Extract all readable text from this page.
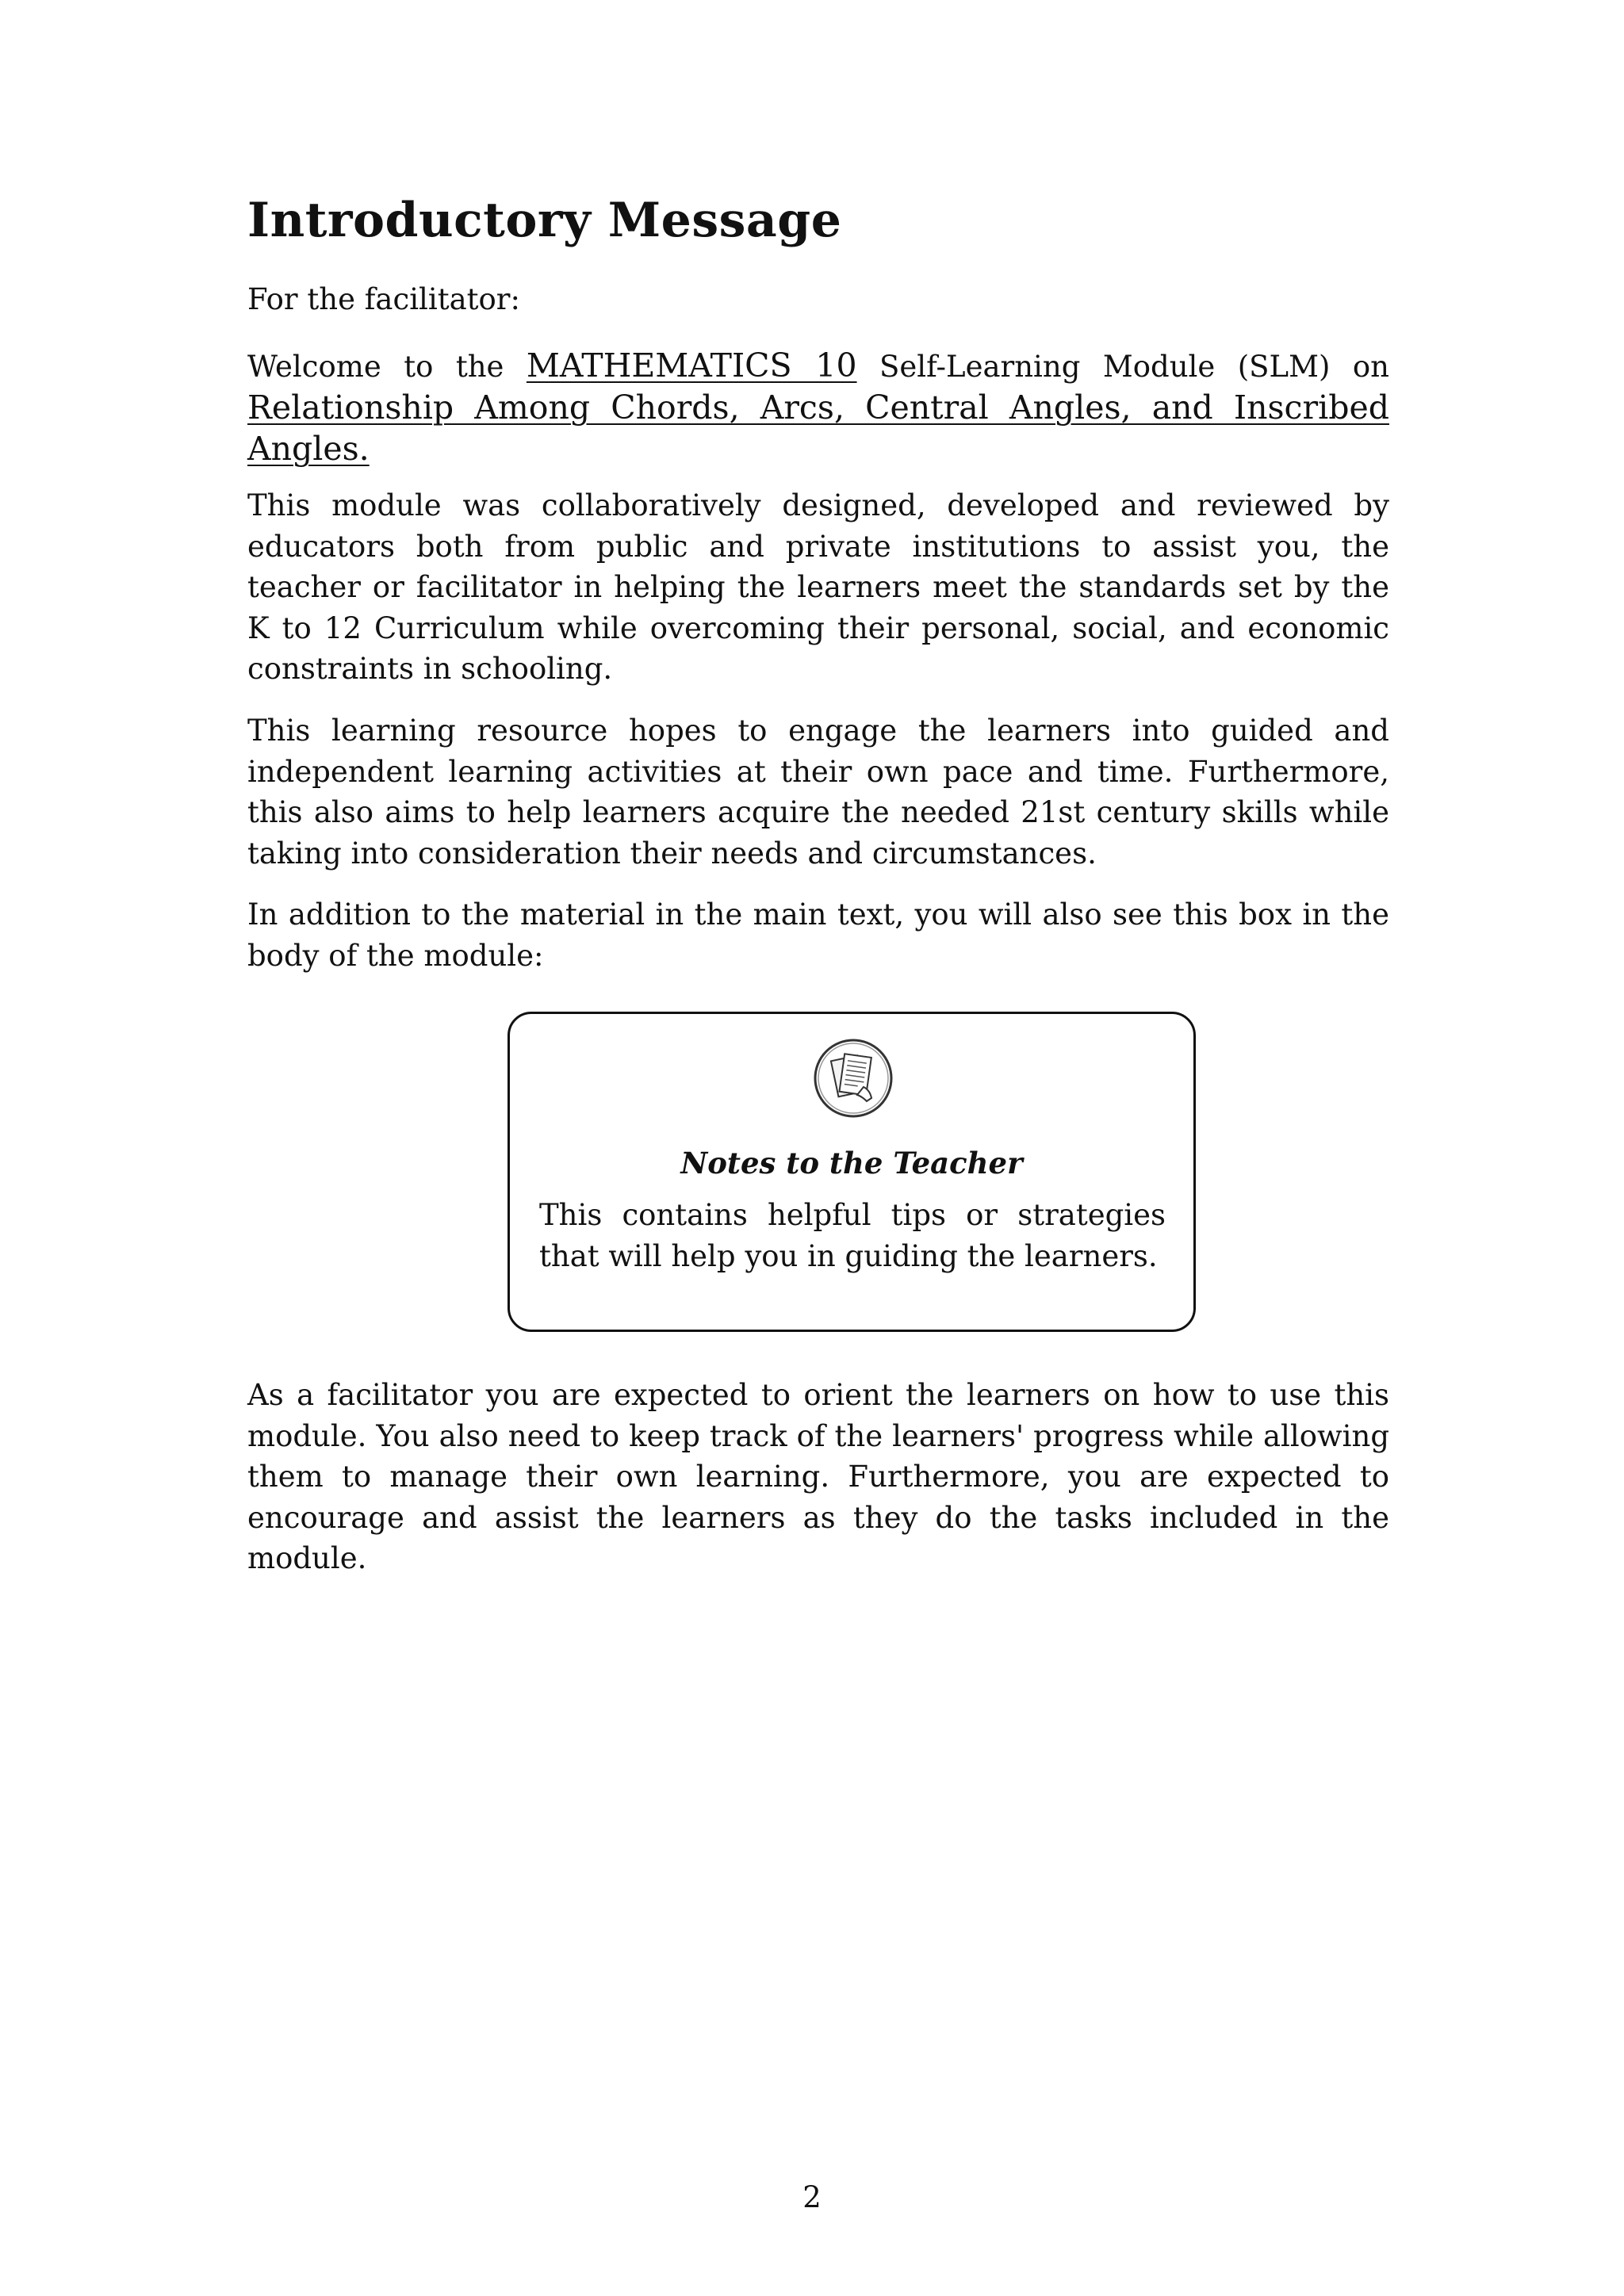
Introductory Message

For the facilitator:

Welcome to the MATHEMATICS 10 Self-Learning Module (SLM) on Relationship Among Chords, Arcs, Central Angles, and Inscribed Angles.

This module was collaboratively designed, developed and reviewed by educators both from public and private institutions to assist you, the teacher or facilitator in helping the learners meet the standards set by the K to 12 Curriculum while overcoming their personal, social, and economic constraints in schooling.

This learning resource hopes to engage the learners into guided and independent learning activities at their own pace and time. Furthermore, this also aims to help learners acquire the needed 21st century skills while taking into consideration their needs and circumstances.

In addition to the material in the main text, you will also see this box in the body of the module:

As a facilitator you are expected to orient the learners on how to use this module. You also need to keep track of the learners' progress while allowing them to manage their own learning. Furthermore, you are expected to encourage and assist the learners as they do the tasks included in the module.

Notes to the Teacher
This contains helpful tips or strategies that will help you in guiding the learners.
2
